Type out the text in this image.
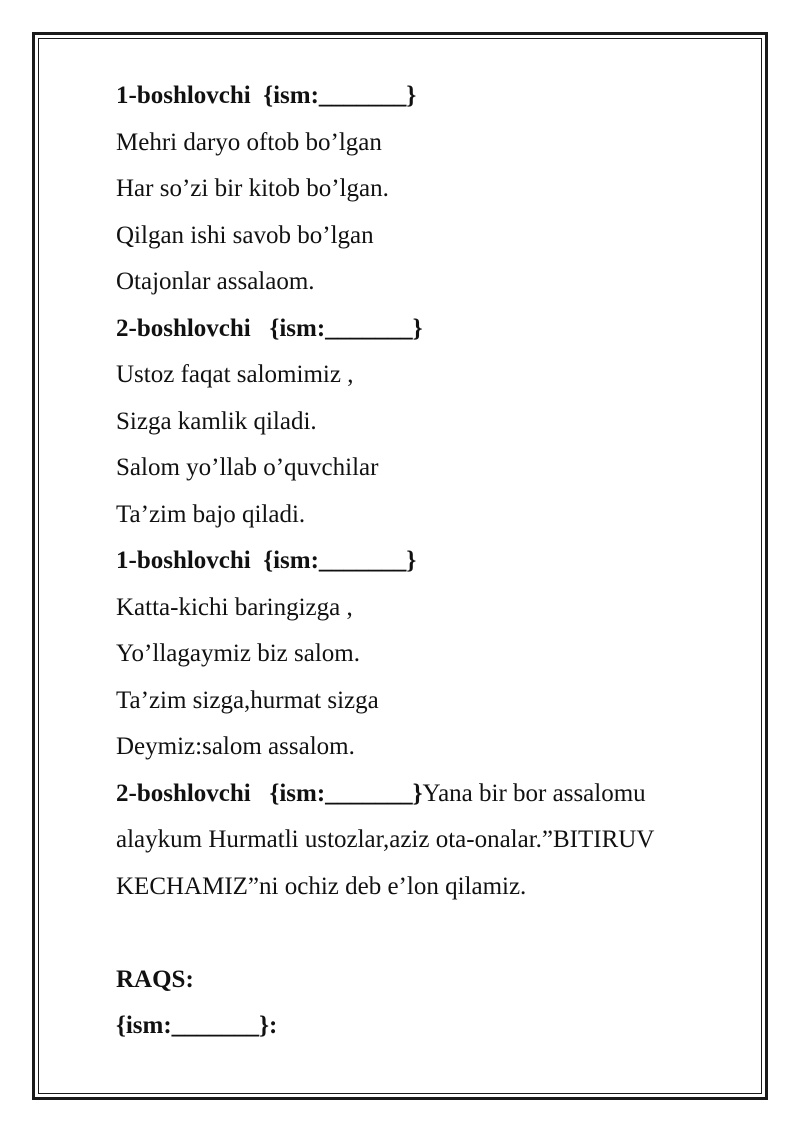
1-boshlovchi  {ism:_______}
Mehri daryo oftob bo’lgan
Har so’zi bir kitob bo’lgan.
Qilgan ishi savob bo’lgan
Otajonlar assalaom.
2-boshlovchi   {ism:_______}
Ustoz faqat salomimiz ,
Sizga kamlik qiladi.
Salom yo’llab o’quvchilar
Ta’zim bajo qiladi.
1-boshlovchi  {ism:_______}
Katta-kichi baringizga ,
Yo’llagaymiz biz salom.
Ta’zim sizga,hurmat sizga
Deymiz:salom assalom.
2-boshlovchi   {ism:_______}Yana bir bor assalomu
alaykum Hurmatli ustozlar,aziz ota-onalar.”BITIRUV
KECHAMIZ”ni ochiz deb e’lon qilamiz.
RAQS:
{ism:_______}:
